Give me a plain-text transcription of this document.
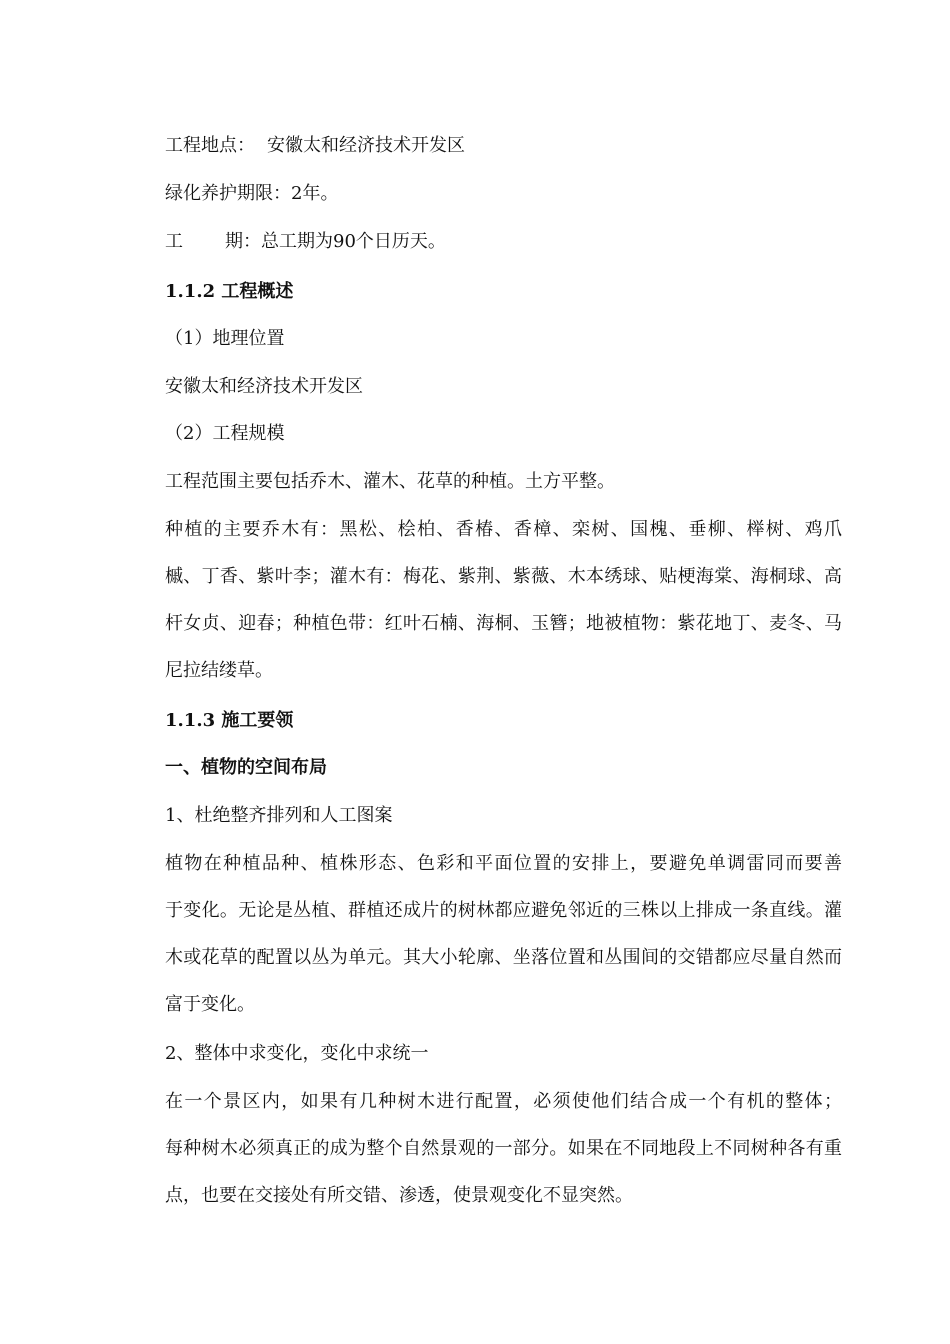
工程地点： 安徽太和经济技术开发区
绿化养护期限：2年。
工 期：总工期为90个日历天。
1.1.2 工程概述
（1）地理位置
安徽太和经济技术开发区
（2）工程规模
工程范围主要包括乔木、灌木、花草的种植。土方平整。
种植的主要乔木有：黑松、桧柏、香椿、香樟、栾树、国槐、垂柳、榉树、鸡爪
槭、丁香、紫叶李；灌木有：梅花、紫荆、紫薇、木本绣球、贴梗海棠、海桐球、高
杆女贞、迎春；种植色带：红叶石楠、海桐、玉簪；地被植物：紫花地丁、麦冬、马
尼拉结缕草。
1.1.3 施工要领
一、植物的空间布局
1、杜绝整齐排列和人工图案
植物在种植品种、植株形态、色彩和平面位置的安排上，要避免单调雷同而要善
于变化。无论是丛植、群植还成片的树林都应避免邻近的三株以上排成一条直线。灌
木或花草的配置以丛为单元。其大小轮廓、坐落位置和丛围间的交错都应尽量自然而
富于变化。
2、整体中求变化，变化中求统一
在一个景区内，如果有几种树木进行配置，必须使他们结合成一个有机的整体；
每种树木必须真正的成为整个自然景观的一部分。如果在不同地段上不同树种各有重
点，也要在交接处有所交错、渗透，使景观变化不显突然。
